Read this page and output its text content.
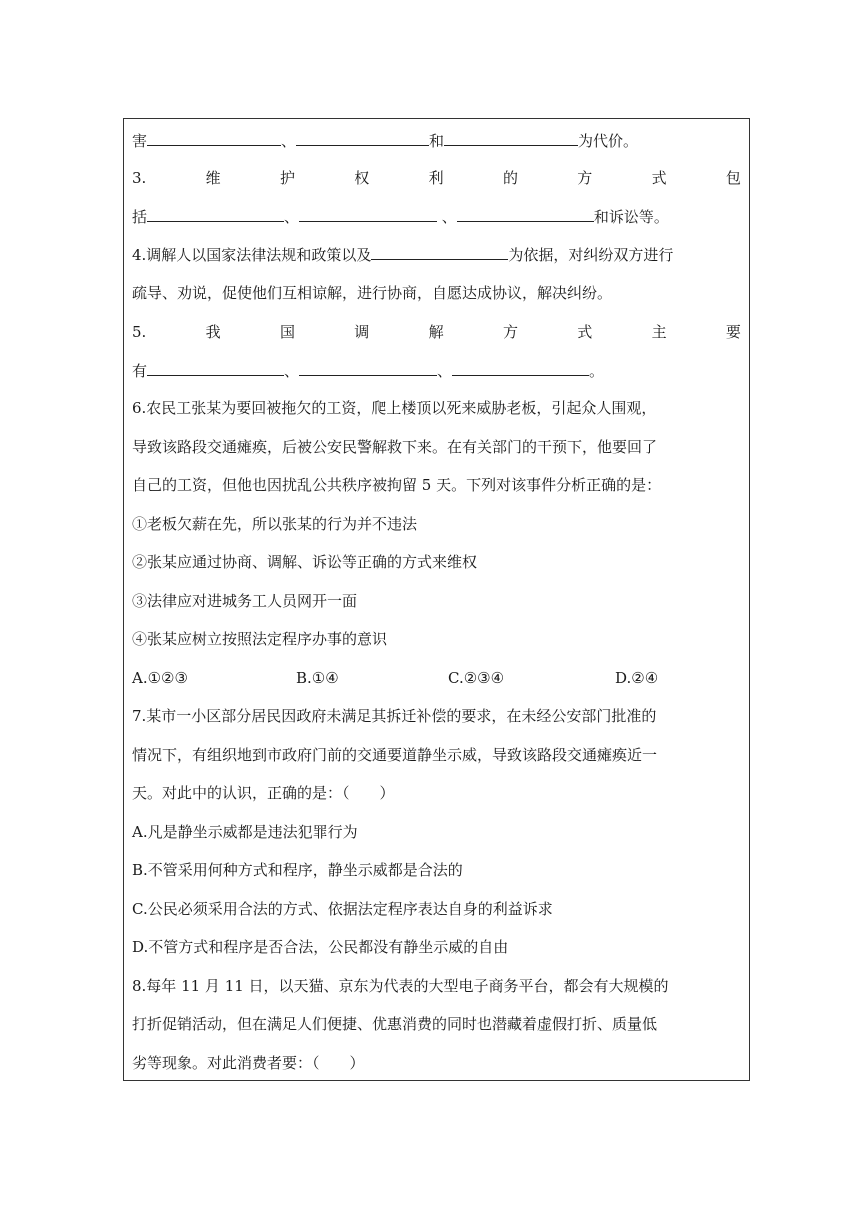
害	、	和	为代价。
3.	维	护	权	利	的	方	式	包
括	、	、	和诉讼等。
4.调解人以国家法律法规和政策以及	为依据，对纠纷双方进行
疏导、劝说，促使他们互相谅解，进行协商，自愿达成协议，解决纠纷。
5.	我	国	调	解	方	式	主	要
有	、	、	。
6.农民工张某为要回被拖欠的工资，爬上楼顶以死来威胁老板，引起众人围观，
导致该路段交通瘫痪，后被公安民警解救下来。在有关部门的干预下，他要回了
自己的工资，但他也因扰乱公共秩序被拘留 5 天。下列对该事件分析正确的是：
①老板欠薪在先，所以张某的行为并不违法
②张某应通过协商、调解、诉讼等正确的方式来维权
③法律应对进城务工人员网开一面
④张某应树立按照法定程序办事的意识
A.①②③	B.①④	C.②③④	D.②④
7.某市一小区部分居民因政府未满足其拆迁补偿的要求，在未经公安部门批准的
情况下，有组织地到市政府门前的交通要道静坐示威，导致该路段交通瘫痪近一
天。对此中的认识，正确的是：（　　）
A.凡是静坐示威都是违法犯罪行为
B.不管采用何种方式和程序，静坐示威都是合法的
C.公民必须采用合法的方式、依据法定程序表达自身的利益诉求
D.不管方式和程序是否合法，公民都没有静坐示威的自由
8.每年 11 月 11 日，以天猫、京东为代表的大型电子商务平台，都会有大规模的
打折促销活动，但在满足人们便捷、优惠消费的同时也潜藏着虚假打折、质量低
劣等现象。对此消费者要：（　　）
